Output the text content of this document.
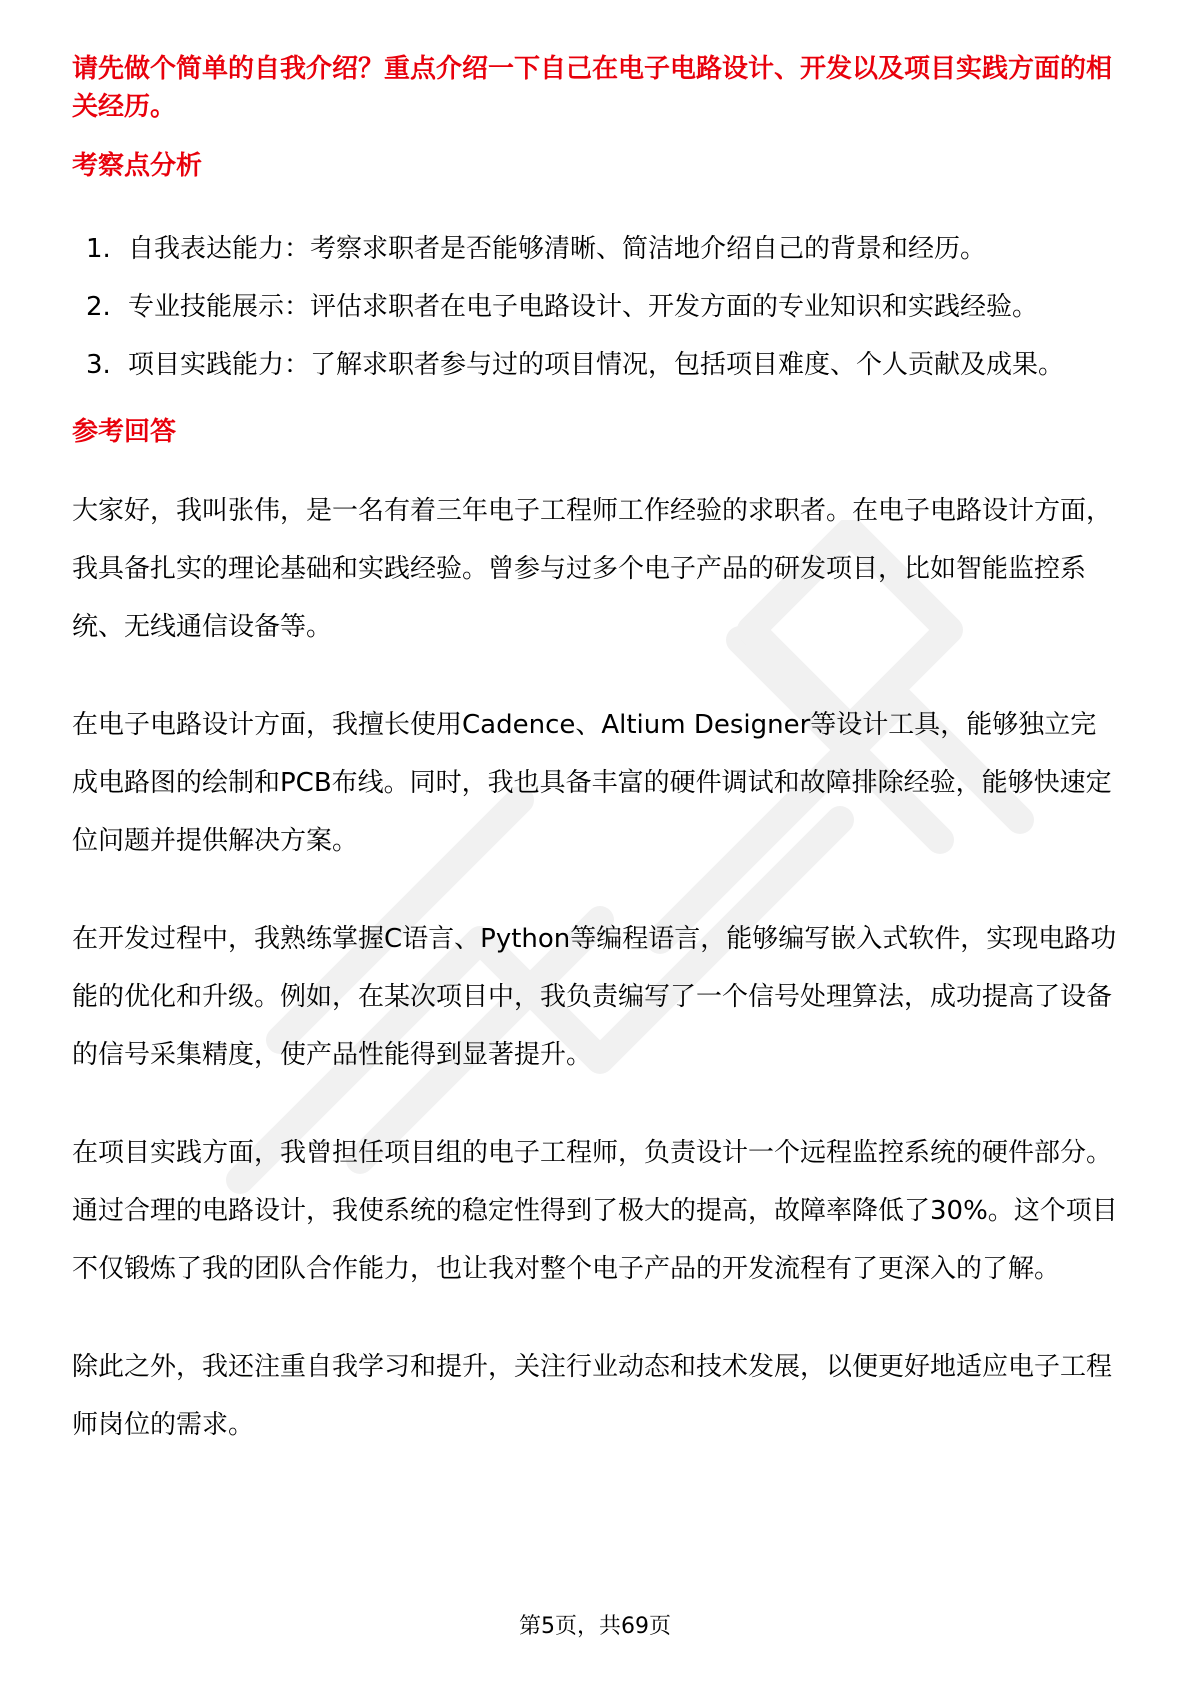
请先做个简单的自我介绍？重点介绍一下自己在电子电路设计、开发以及项目实践方面的相关经历。

考察点分析

1. 自我表达能力：考察求职者是否能够清晰、简洁地介绍自己的背景和经历。
2. 专业技能展示：评估求职者在电子电路设计、开发方面的专业知识和实践经验。
3. 项目实践能力：了解求职者参与过的项目情况，包括项目难度、个人贡献及成果。

参考回答

大家好，我叫张伟，是一名有着三年电子工程师工作经验的求职者。在电子电路设计方面，我具备扎实的理论基础和实践经验。曾参与过多个电子产品的研发项目，比如智能监控系统、无线通信设备等。

在电子电路设计方面，我擅长使用Cadence、Altium Designer等设计工具，能够独立完成电路图的绘制和PCB布线。同时，我也具备丰富的硬件调试和故障排除经验，能够快速定位问题并提供解决方案。

在开发过程中，我熟练掌握C语言、Python等编程语言，能够编写嵌入式软件，实现电路功能的优化和升级。例如，在某次项目中，我负责编写了一个信号处理算法，成功提高了设备的信号采集精度，使产品性能得到显著提升。

在项目实践方面，我曾担任项目组的电子工程师，负责设计一个远程监控系统的硬件部分。通过合理的电路设计，我使系统的稳定性得到了极大的提高，故障率降低了30%。这个项目不仅锻炼了我的团队合作能力，也让我对整个电子产品的开发流程有了更深入的了解。

除此之外，我还注重自我学习和提升，关注行业动态和技术发展，以便更好地适应电子工程师岗位的需求。

第5页，共69页
